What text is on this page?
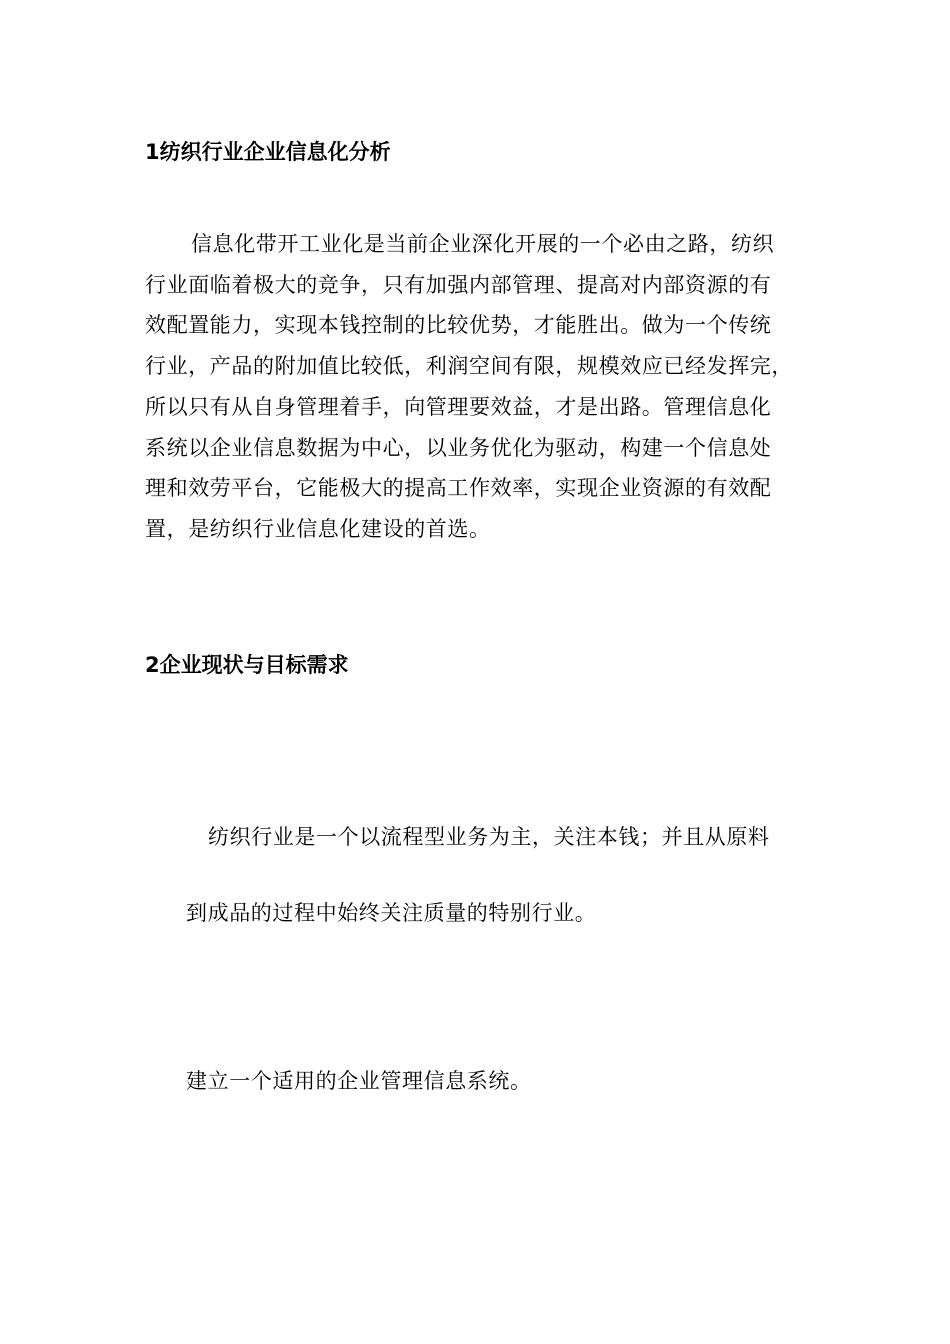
1纺织行业企业信息化分析
信息化带开工业化是当前企业深化开展的一个必由之路，纺织
行业面临着极大的竞争，只有加强内部管理、提高对内部资源的有
效配置能力，实现本钱控制的比较优势，才能胜出。做为一个传统
行业，产品的附加值比较低，利润空间有限，规模效应已经发挥完，
所以只有从自身管理着手，向管理要效益，才是出路。管理信息化
系统以企业信息数据为中心，以业务优化为驱动，构建一个信息处
理和效劳平台，它能极大的提高工作效率，实现企业资源的有效配
置，是纺织行业信息化建设的首选。
2企业现状与目标需求
纺织行业是一个以流程型业务为主，关注本钱；并且从原料
到成品的过程中始终关注质量的特别行业。
建立一个适用的企业管理信息系统。
